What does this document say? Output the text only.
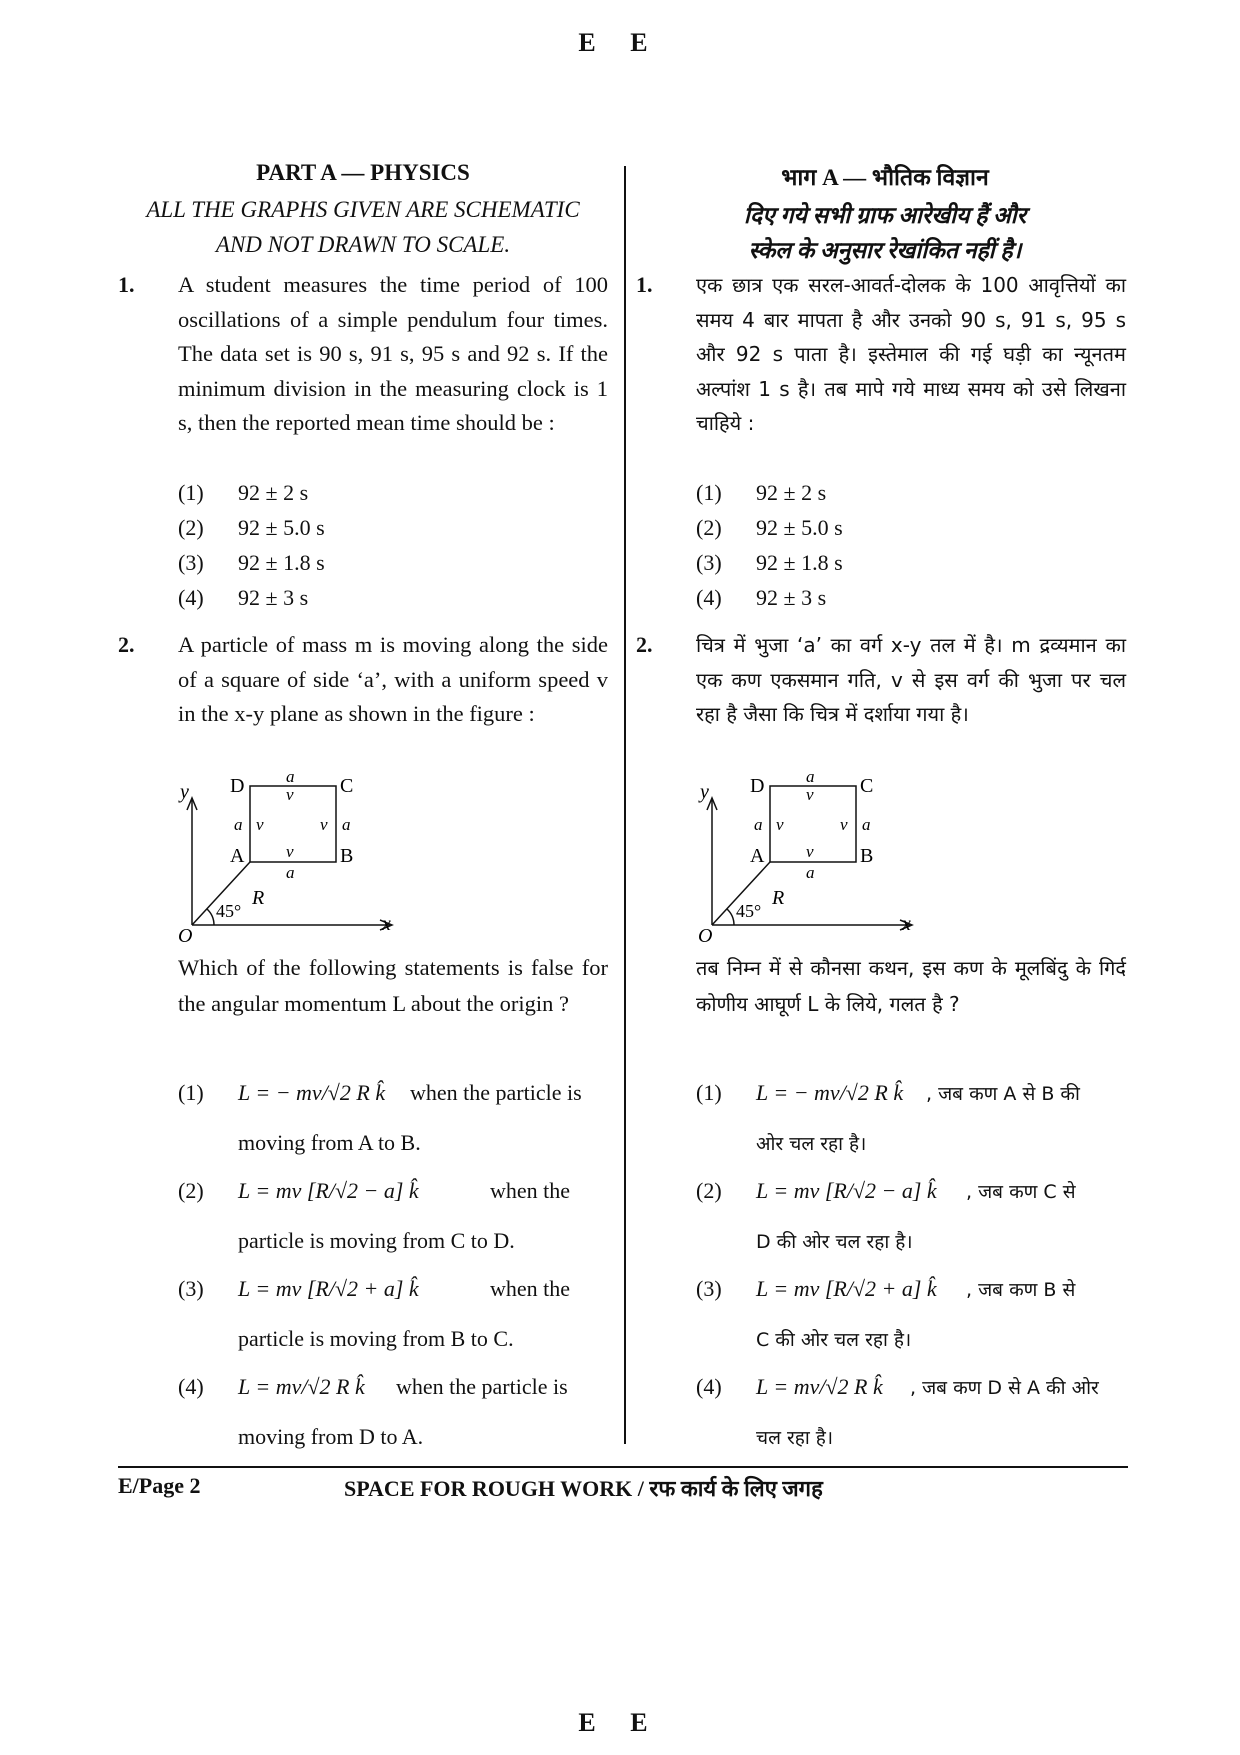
E E
PART A — PHYSICS
ALL THE GRAPHS GIVEN ARE SCHEMATIC
AND NOT DRAWN TO SCALE.
1. A student measures the time period of 100 oscillations of a simple pendulum four times. The data set is 90 s, 91 s, 95 s and 92 s. If the minimum division in the measuring clock is 1 s, then the reported mean time should be :
(1) 92 ± 2 s
(2) 92 ± 5.0 s
(3) 92 ± 1.8 s
(4) 92 ± 3 s
2. A particle of mass m is moving along the side of a square of side ‘a’, with a uniform speed v in the x-y plane as shown in the figure :
y
x
O
D	C
A	B
a
v
a v	v a
v
a
45°
R
Which of the following statements is false for the angular momentum L about the origin ?
(1) L = − mv/√2 R k̂ when the particle is
moving from A to B.
(2) L = mv [R/√2 − a] k̂	when the
particle is moving from C to D.
(3) L = mv [R/√2 + a] k̂	when the
particle is moving from B to C.
(4) L = mv/√2 R k̂ when the particle is
moving from D to A.
भाग A — भौतिक विज्ञान
दिए गये सभी ग्राफ आरेखीय हैं और
स्केल के अनुसार रेखांकित नहीं है।
1. एक छात्र एक सरल-आवर्त-दोलक के 100 आवृत्तियों का समय 4 बार मापता है और उनको 90 s, 91 s, 95 s और 92 s पाता है। इस्तेमाल की गई घड़ी का न्यूनतम अल्पांश 1 s है। तब मापे गये माध्य समय को उसे लिखना चाहिये :
(1) 92 ± 2 s
(2) 92 ± 5.0 s
(3) 92 ± 1.8 s
(4) 92 ± 3 s
2. चित्र में भुजा ‘a’ का वर्ग x-y तल में है। m द्रव्यमान का एक कण एकसमान गति, v से इस वर्ग की भुजा पर चल रहा है जैसा कि चित्र में दर्शाया गया है।
y
x
O
D	C
A	B
a
v
a v	v a
v
a
45°
R
तब निम्न में से कौनसा कथन, इस कण के मूलबिंदु के गिर्द कोणीय आघूर्ण L के लिये, गलत है ?
(1) L = − mv/√2 R k̂ , जब कण A से B की
ओर चल रहा है।
(2) L = mv [R/√2 − a] k̂ , जब कण C से
D की ओर चल रहा है।
(3) L = mv [R/√2 + a] k̂ , जब कण B से
C की ओर चल रहा है।
(4) L = mv/√2 R k̂ , जब कण D से A की ओर
चल रहा है।
E/Page 2	SPACE FOR ROUGH WORK / रफ कार्य के लिए जगह
E E
